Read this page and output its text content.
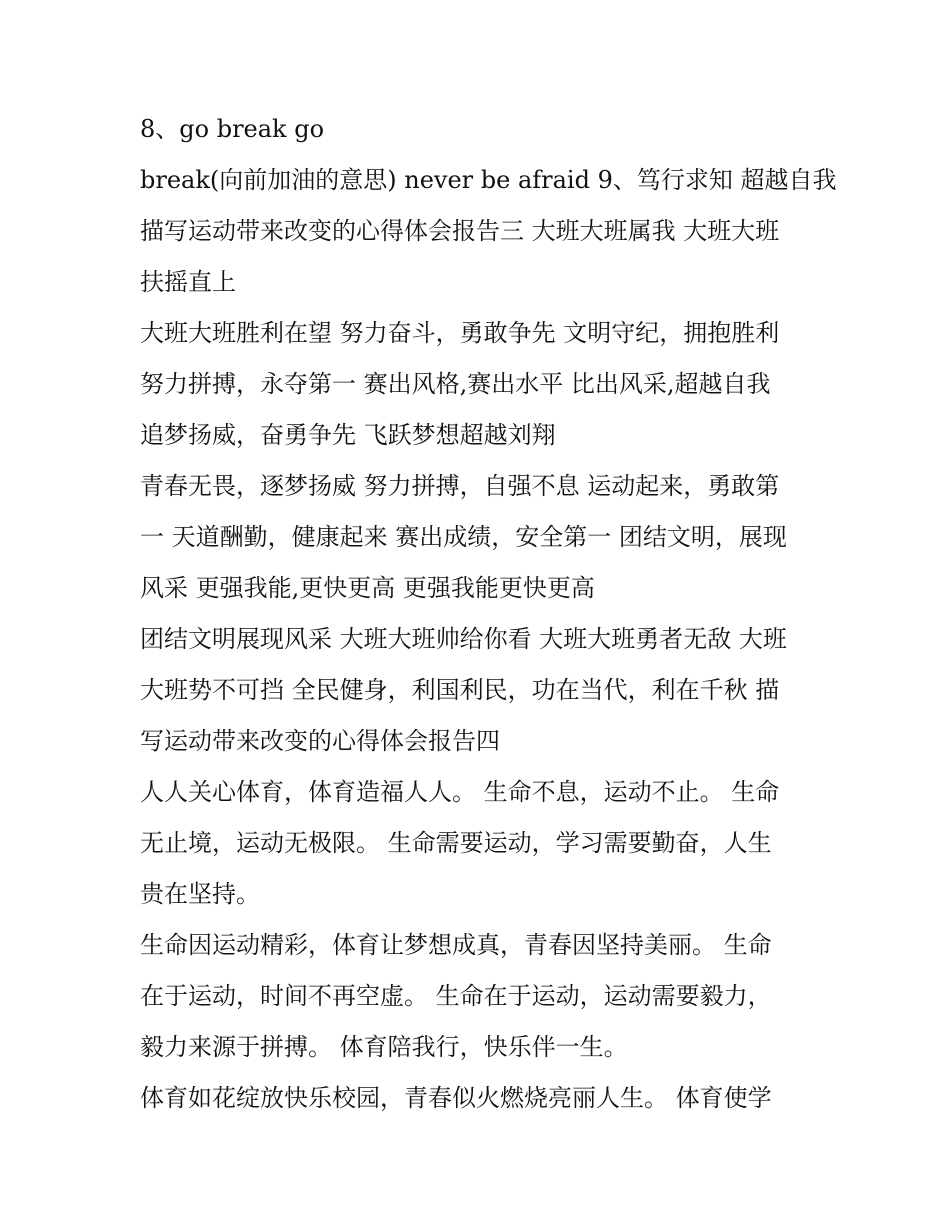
8、go break go
break(向前加油的意思) never be afraid 9、笃行求知 超越自我
描写运动带来改变的心得体会报告三 大班大班属我 大班大班
扶摇直上
大班大班胜利在望 努力奋斗，勇敢争先 文明守纪，拥抱胜利
努力拼搏，永夺第一 赛出风格,赛出水平 比出风采,超越自我
追梦扬威，奋勇争先 飞跃梦想超越刘翔
青春无畏，逐梦扬威 努力拼搏，自强不息 运动起来，勇敢第
一 天道酬勤，健康起来 赛出成绩，安全第一 团结文明，展现
风采 更强我能,更快更高 更强我能更快更高
团结文明展现风采 大班大班帅给你看 大班大班勇者无敌 大班
大班势不可挡 全民健身，利国利民，功在当代，利在千秋 描
写运动带来改变的心得体会报告四
人人关心体育，体育造福人人。 生命不息，运动不止。 生命
无止境，运动无极限。 生命需要运动，学习需要勤奋，人生
贵在坚持。
生命因运动精彩，体育让梦想成真，青春因坚持美丽。 生命
在于运动，时间不再空虚。 生命在于运动，运动需要毅力，
毅力来源于拼搏。 体育陪我行，快乐伴一生。
体育如花绽放快乐校园，青春似火燃烧亮丽人生。 体育使学
